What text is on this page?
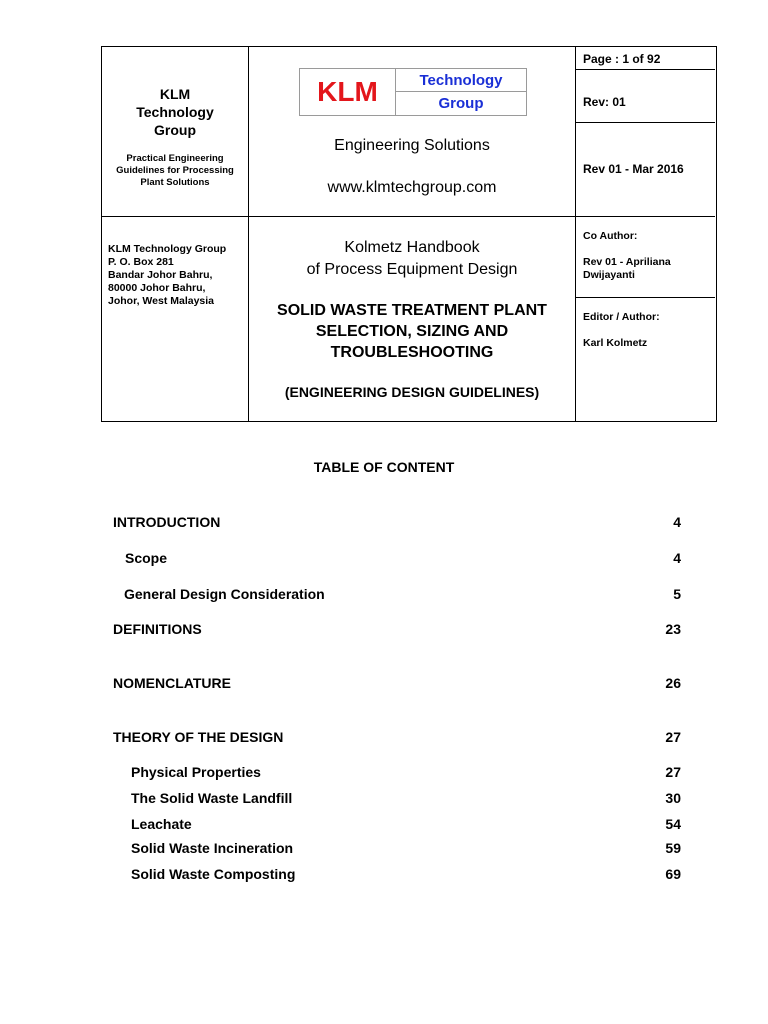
KLM Technology Group
Practical Engineering Guidelines for Processing Plant Solutions
KLM Technology Group
P. O. Box 281
Bandar Johor Bahru,
80000 Johor Bahru,
Johor, West Malaysia
KLM	Technology
Group
Engineering Solutions
www.klmtechgroup.com
Kolmetz Handbook
of Process Equipment Design
SOLID WASTE TREATMENT PLANT
SELECTION, SIZING AND
TROUBLESHOOTING
(ENGINEERING DESIGN GUIDELINES)
Page : 1 of 92
Rev: 01
Rev 01 - Mar 2016
Co Author:
Rev 01 - Apriliana
Dwijayanti
Editor / Author:
Karl Kolmetz
TABLE OF CONTENT
INTRODUCTION	4
Scope	4
General Design Consideration	5
DEFINITIONS	23
NOMENCLATURE	26
THEORY OF THE DESIGN	27
Physical Properties	27
The Solid Waste Landfill	30
Leachate	54
Solid Waste Incineration	59
Solid Waste Composting	69
